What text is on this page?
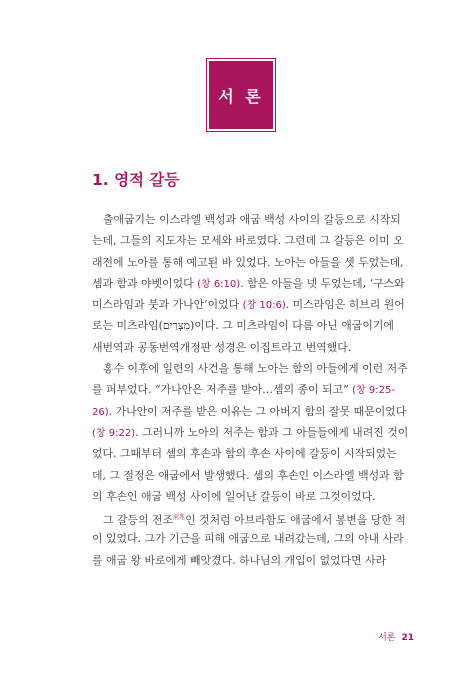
서 론
1. 영적 갈등
출애굽기는 이스라엘 백성과 애굽 백성 사이의 갈등으로 시작되
는데, 그들의 지도자는 모세와 바로였다. 그런데 그 갈등은 이미 오
래전에 노아를 통해 예고된 바 있었다. 노아는 아들을 셋 두었는데,
셈과 함과 야벳이었다 (창 6:10). 함은 아들을 넷 두었는데, ‘구스와
미스라임과 붓과 가나안’이었다 (창 10:6). 미스라임은 히브리 원어
로는 미츠라임(מִצְרַיִם)이다. 그 미츠라임이 다름 아닌 애굽이기에
새번역과 공동번역개정판 성경은 이집트라고 번역했다.
홍수 이후에 일련의 사건을 통해 노아는 함의 아들에게 이런 저주
를 퍼부었다. “가나안은 저주를 받아…셈의 종이 되고” (창 9:25-
26). 가나안이 저주를 받은 이유는 그 아버지 함의 잘못 때문이었다
(창 9:22). 그러니까 노아의 저주는 함과 그 아들들에게 내려진 것이
었다. 그때부터 셈의 후손과 함의 후손 사이에 갈등이 시작되었는
데, 그 절정은 애굽에서 발생했다. 셈의 후손인 이스라엘 백성과 함
의 후손인 애굽 백성 사이에 일어난 갈등이 바로 그것이었다.
그 갈등의 전조$^{前兆}$인 것처럼 아브라함도 애굽에서 봉변을 당한 적
이 있었다. 그가 기근을 피해 애굽으로 내려갔는데, 그의 아내 사라
를 애굽 왕 바로에게 빼앗겼다. 하나님의 개입이 없었다면 사라
서론 21
